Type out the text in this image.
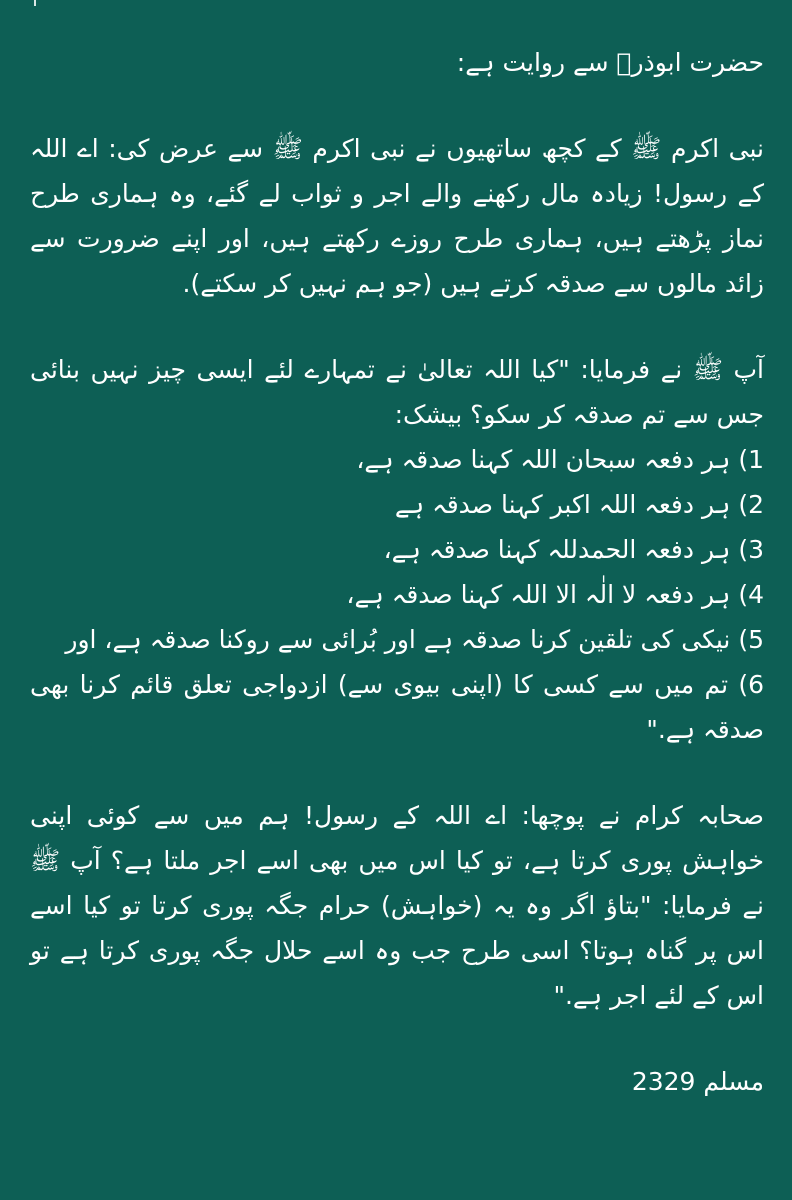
حضرت ابوذرؓ سے روایت ہے:

نبی اکرم ﷺ کے کچھ ساتھیوں نے نبی اکرم ﷺ سے عرض کی: اے اللہ کے رسول! زیادہ مال رکھنے والے اجر و ثواب لے گئے، وہ ہماری طرح نماز پڑھتے ہیں، ہماری طرح روزے رکھتے ہیں، اور اپنے ضرورت سے زائد مالوں سے صدقہ کرتے ہیں (جو ہم نہیں کر سکتے).

آپ ﷺ نے فرمایا: "کیا اللہ تعالیٰ نے تمہارے لئے ایسی چیز نہیں بنائی جس سے تم صدقہ کر سکو؟ بیشک:

1) ہر دفعہ سبحان اللہ کہنا صدقہ ہے،
2) ہر دفعہ اللہ اکبر کہنا صدقہ ہے
3) ہر دفعہ الحمدللہ کہنا صدقہ ہے،
4) ہر دفعہ لا الٰہ الا اللہ کہنا صدقہ ہے،
5) نیکی کی تلقین کرنا صدقہ ہے اور بُرائی سے روکنا صدقہ ہے، اور
6) تم میں سے کسی کا (اپنی بیوی سے) ازدواجی تعلق قائم کرنا بھی صدقہ ہے."

صحابہ کرام نے پوچھا: اے اللہ کے رسول! ہم میں سے کوئی اپنی خواہش پوری کرتا ہے، تو کیا اس میں بھی اسے اجر ملتا ہے؟ آپ ﷺ نے فرمایا: "بتاؤ اگر وہ یہ (خواہش) حرام جگہ پوری کرتا تو کیا اسے اس پر گناہ ہوتا؟ اسی طرح جب وہ اسے حلال جگہ پوری کرتا ہے تو اس کے لئے اجر ہے."

مسلم 2329
